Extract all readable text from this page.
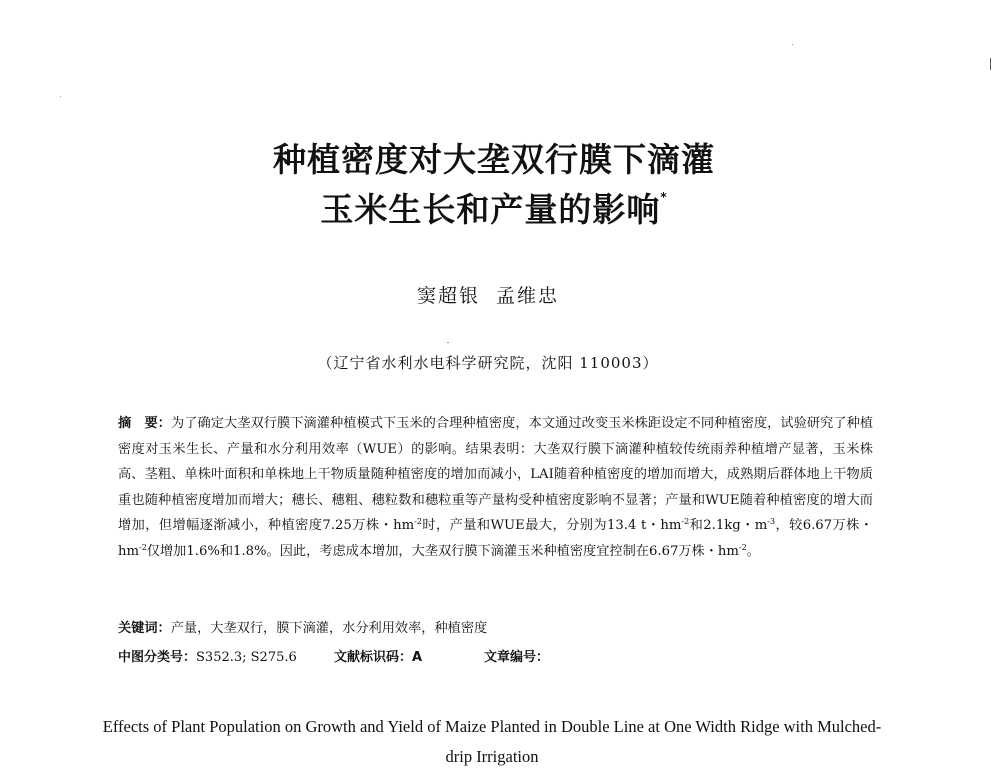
种植密度对大垄双行膜下滴灌
玉米生长和产量的影响*
窦超银 孟维忠
（辽宁省水利水电科学研究院，沈阳 110003）
摘　要：为了确定大垄双行膜下滴灌种植模式下玉米的合理种植密度，本文通过改变玉米株距设定不同种植密度，试验研究了种植密度对玉米生长、产量和水分利用效率（WUE）的影响。结果表明：大垄双行膜下滴灌种植较传统雨养种植增产显著，玉米株高、茎粗、单株叶面积和单株地上干物质量随种植密度的增加而减小，LAI随着种植密度的增加而增大，成熟期后群体地上干物质重也随种植密度增加而增大；穗长、穗粗、穗粒数和穗粒重等产量构受种植密度影响不显著；产量和WUE随着种植密度的增大而增加，但增幅逐渐减小，种植密度7.25万株・$hm^{-2}$时，产量和WUE最大，分别为13.4 t・$hm^{-2}$和2.1kg・$m^{-3}$，较6.67万株・$hm^{-2}$仅增加1.6%和1.8%。因此，考虑成本增加，大垄双行膜下滴灌玉米种植密度宜控制在6.67万株・$hm^{-2}$。
关键词：产量，大垄双行，膜下滴灌，水分利用效率，种植密度
中图分类号：S352.3; S275.6	文献标识码：A	文章编号：
Effects of Plant Population on Growth and Yield of Maize Planted in Double Line at One Width Ridge with Mulched-drip Irrigation
